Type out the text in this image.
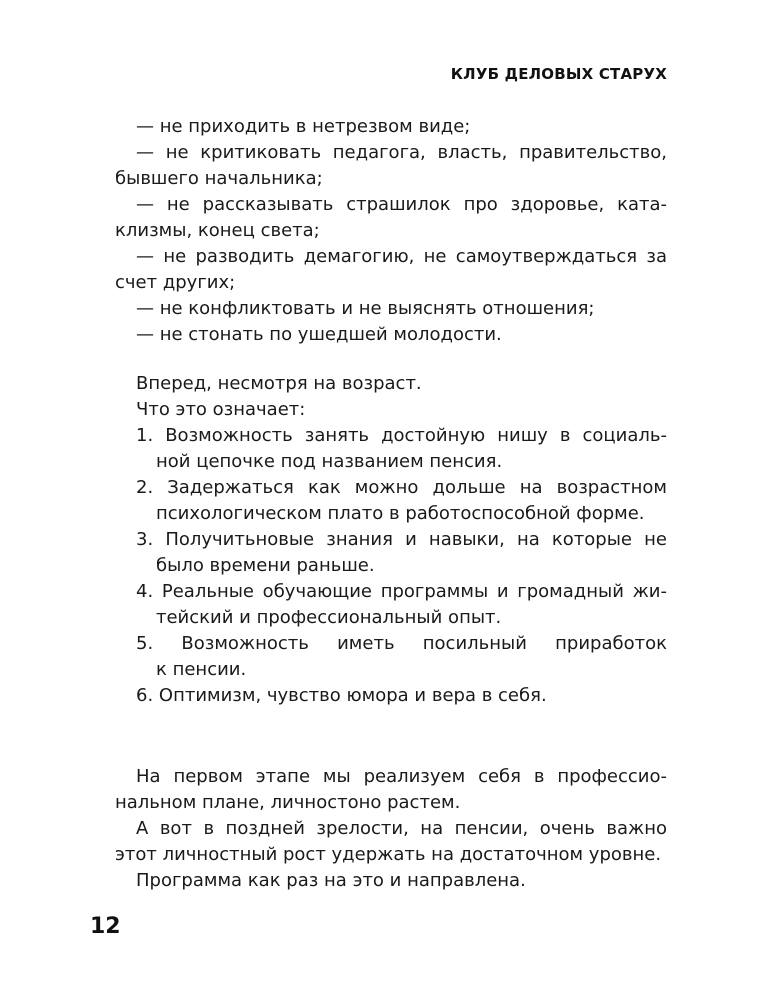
КЛУБ ДЕЛОВЫХ СТАРУХ
— не приходить в нетрезвом виде;
— не критиковать педагога, власть, правительство,
бывшего начальника;
— не рассказывать страшилок про здоровье, ката-
клизмы, конец света;
— не разводить демагогию, не самоутверждаться за
счет других;
— не конфликтовать и не выяснять отношения;
— не стонать по ушедшей молодости.
Вперед, несмотря на возраст.
Что это означает:
1. Возможность занять достойную нишу в социаль-
ной цепочке под названием пенсия.
2. Задержаться как можно дольше на возрастном
психологическом плато в работоспособной форме.
3. Получитьновые знания и навыки, на которые не
было времени раньше.
4. Реальные обучающие программы и громадный жи-
тейский и профессиональный опыт.
5. Возможность иметь посильный приработок
к пенсии.
6. Оптимизм, чувство юмора и вера в себя.
На первом этапе мы реализуем себя в профессио-
нальном плане, личностоно растем.
А вот в поздней зрелости, на пенсии, очень важно
этот личностный рост удержать на достаточном уровне.
Программа как раз на это и направлена.
12
